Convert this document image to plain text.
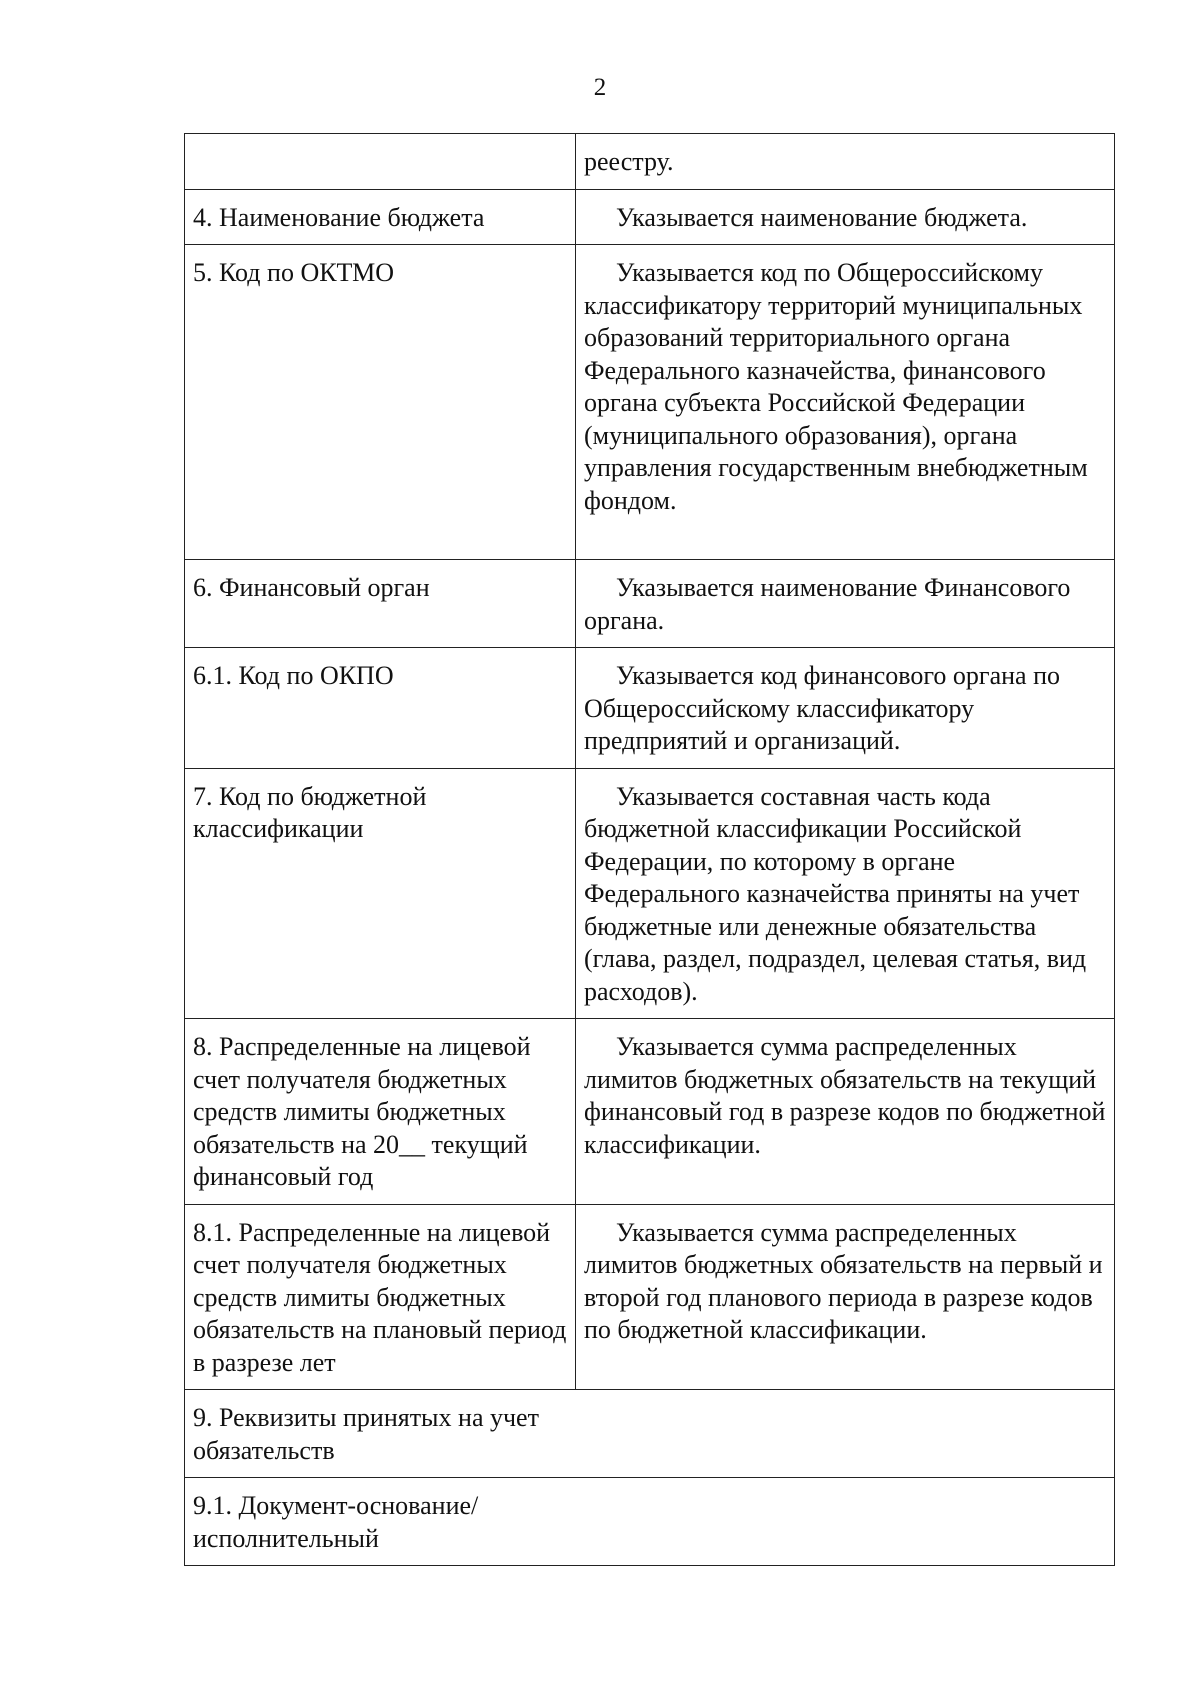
2
	реестру.
4. Наименование бюджета	Указывается наименование бюджета.

5. Код по ОКТМО	Указывается код по Общероссийскому классификатору территорий муниципальных образований территориального органа Федерального казначейства, финансового органа субъекта Российской Федерации (муниципального образования), органа управления государственным внебюджетным фондом.

6. Финансовый орган	Указывается наименование Финансового органа.

6.1. Код по ОКПО	Указывается код финансового органа по Общероссийскому классификатору предприятий и организаций.

7. Код по бюджетной классификации	Указывается составная часть кода бюджетной классификации Российской Федерации, по которому в органе Федерального казначейства приняты на учет бюджетные или денежные обязательства (глава, раздел, подраздел, целевая статья, вид расходов).

8. Распределенные на лицевой счет получателя бюджетных средств лимиты бюджетных обязательств на 20__ текущий финансовый год	Указывается сумма распределенных лимитов бюджетных обязательств на текущий финансовый год в разрезе кодов по бюджетной классификации.

8.1. Распределенные на лицевой счет получателя бюджетных средств лимиты бюджетных обязательств на плановый период в разрезе лет	Указывается сумма распределенных лимитов бюджетных обязательств на первый и второй год планового периода в разрезе кодов по бюджетной классификации.

9. Реквизиты принятых на учет обязательств	

9.1. Документ-основание/исполнительный	
